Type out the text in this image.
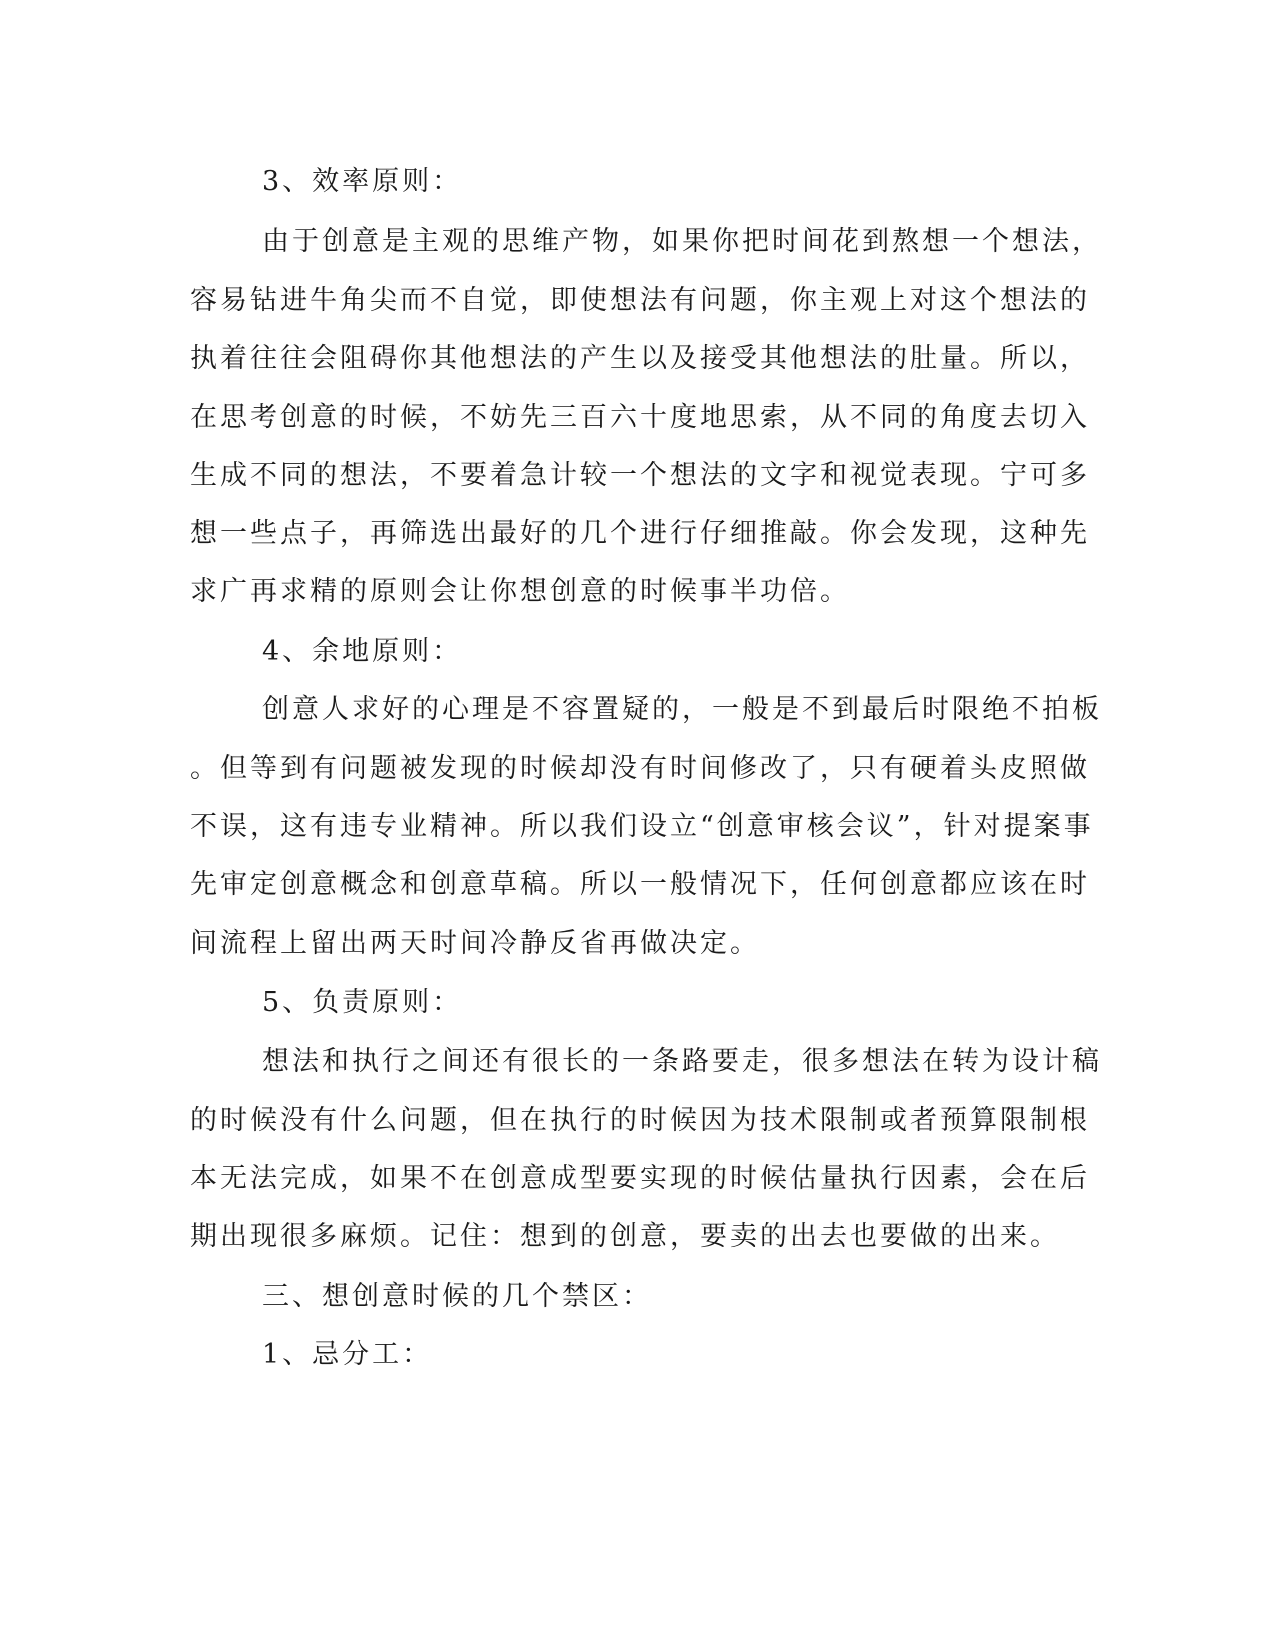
3、效率原则：

由于创意是主观的思维产物，如果你把时间花到熬想一个想法，

容易钻进牛角尖而不自觉，即使想法有问题，你主观上对这个想法的

执着往往会阻碍你其他想法的产生以及接受其他想法的肚量。所以，

在思考创意的时候，不妨先三百六十度地思索，从不同的角度去切入

生成不同的想法，不要着急计较一个想法的文字和视觉表现。宁可多

想一些点子，再筛选出最好的几个进行仔细推敲。你会发现，这种先

求广再求精的原则会让你想创意的时候事半功倍。

4、余地原则：

创意人求好的心理是不容置疑的，一般是不到最后时限绝不拍板

。但等到有问题被发现的时候却没有时间修改了，只有硬着头皮照做

不误，这有违专业精神。所以我们设立“创意审核会议”，针对提案事

先审定创意概念和创意草稿。所以一般情况下，任何创意都应该在时

间流程上留出两天时间冷静反省再做决定。

5、负责原则：

想法和执行之间还有很长的一条路要走，很多想法在转为设计稿

的时候没有什么问题，但在执行的时候因为技术限制或者预算限制根

本无法完成，如果不在创意成型要实现的时候估量执行因素，会在后

期出现很多麻烦。记住：想到的创意，要卖的出去也要做的出来。

三、想创意时候的几个禁区：

1、忌分工：
